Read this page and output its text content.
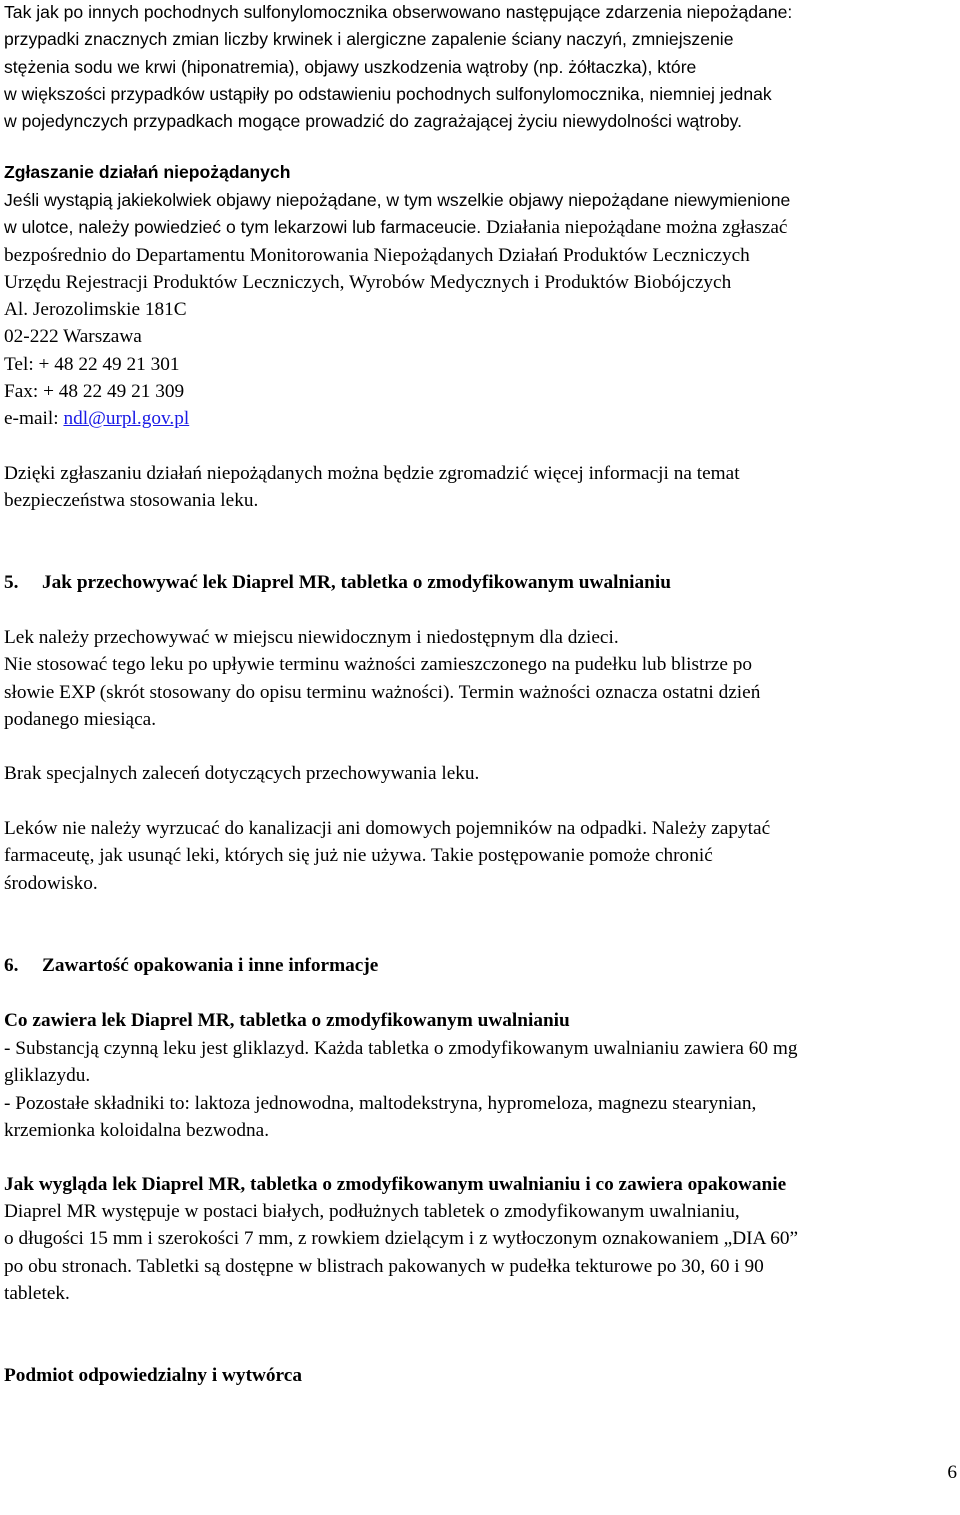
Tak jak po innych pochodnych sulfonylomocznika obserwowano następujące zdarzenia niepożądane:
przypadki znacznych zmian liczby krwinek i alergiczne zapalenie ściany naczyń, zmniejszenie
stężenia sodu we krwi (hiponatremia), objawy uszkodzenia wątroby (np. żółtaczka), które
w większości przypadków ustąpiły po odstawieniu pochodnych sulfonylomocznika, niemniej jednak
w pojedynczych przypadkach mogące prowadzić do zagrażającej życiu niewydolności wątroby.

Zgłaszanie działań niepożądanych

Jeśli wystąpią jakiekolwiek objawy niepożądane, w tym wszelkie objawy niepożądane niewymienione
w ulotce, należy powiedzieć o tym lekarzowi lub farmaceucie. Działania niepożądane można zgłaszać
bezpośrednio do Departamentu Monitorowania Niepożądanych Działań Produktów Leczniczych
Urzędu Rejestracji Produktów Leczniczych, Wyrobów Medycznych i Produktów Biobójczych
Al. Jerozolimskie 181C
02-222 Warszawa
Tel: + 48 22 49 21 301
Fax: + 48 22 49 21 309
e-mail: ndl@urpl.gov.pl

Dzięki zgłaszaniu działań niepożądanych można będzie zgromadzić więcej informacji na temat
bezpieczeństwa stosowania leku.

5. Jak przechowywać lek Diaprel MR, tabletka o zmodyfikowanym uwalnianiu

Lek należy przechowywać w miejscu niewidocznym i niedostępnym dla dzieci.
Nie stosować tego leku po upływie terminu ważności zamieszczonego na pudełku lub blistrze po
słowie EXP (skrót stosowany do opisu terminu ważności). Termin ważności oznacza ostatni dzień
podanego miesiąca.

Brak specjalnych zaleceń dotyczących przechowywania leku.

Leków nie należy wyrzucać do kanalizacji ani domowych pojemników na odpadki. Należy zapytać
farmaceutę, jak usunąć leki, których się już nie używa. Takie postępowanie pomoże chronić
środowisko.

6. Zawartość opakowania i inne informacje

Co zawiera lek Diaprel MR, tabletka o zmodyfikowanym uwalnianiu

- Substancją czynną leku jest gliklazyd. Każda tabletka o zmodyfikowanym uwalnianiu zawiera 60 mg
gliklazydu.
- Pozostałe składniki to: laktoza jednowodna, maltodekstryna, hypromeloza, magnezu stearynian,
krzemionka koloidalna bezwodna.

Jak wygląda lek Diaprel MR, tabletka o zmodyfikowanym uwalnianiu i co zawiera opakowanie

Diaprel MR występuje w postaci białych, podłużnych tabletek o zmodyfikowanym uwalnianiu,
o długości 15 mm i szerokości 7 mm, z rowkiem dzielącym i z wytłoczonym oznakowaniem „DIA 60”
po obu stronach. Tabletki są dostępne w blistrach pakowanych w pudełka tekturowe po 30, 60 i 90
tabletek.

Podmiot odpowiedzialny i wytwórca

6
